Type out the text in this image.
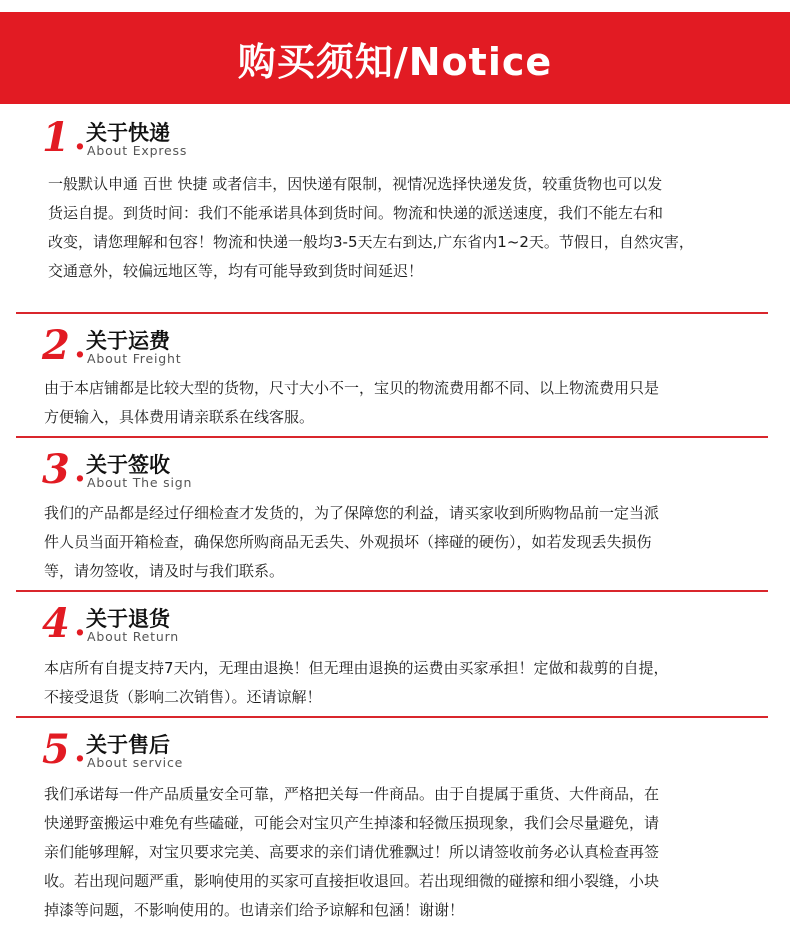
购买须知/Notice
1 . 关于快递
About Express
一般默认申通 百世 快捷 或者信丰，因快递有限制，视情况选择快递发货，较重货物也可以发
货运自提。到货时间：我们不能承诺具体到货时间。物流和快递的派送速度，我们不能左右和
改变，请您理解和包容！物流和快递一般均3-5天左右到达,广东省内1~2天。节假日，自然灾害，
交通意外，较偏远地区等，均有可能导致到货时间延迟！
2 . 关于运费
About Freight
由于本店铺都是比较大型的货物，尺寸大小不一，宝贝的物流费用都不同、以上物流费用只是
方便输入，具体费用请亲联系在线客服。
3 . 关于签收
About The sign
我们的产品都是经过仔细检查才发货的，为了保障您的利益，请买家收到所购物品前一定当派
件人员当面开箱检查，确保您所购商品无丢失、外观损坏（摔碰的硬伤），如若发现丢失损伤
等，请勿签收，请及时与我们联系。
4 . 关于退货
About Return
本店所有自提支持7天内，无理由退换！但无理由退换的运费由买家承担！定做和裁剪的自提，
不接受退货（影响二次销售）。还请谅解！
5 . 关于售后
About service
我们承诺每一件产品质量安全可靠，严格把关每一件商品。由于自提属于重货、大件商品，在
快递野蛮搬运中难免有些磕碰，可能会对宝贝产生掉漆和轻微压损现象，我们会尽量避免，请
亲们能够理解，对宝贝要求完美、高要求的亲们请优雅飘过！所以请签收前务必认真检查再签
收。若出现问题严重，影响使用的买家可直接拒收退回。若出现细微的碰擦和细小裂缝，小块
掉漆等问题，不影响使用的。也请亲们给予谅解和包涵！谢谢！
